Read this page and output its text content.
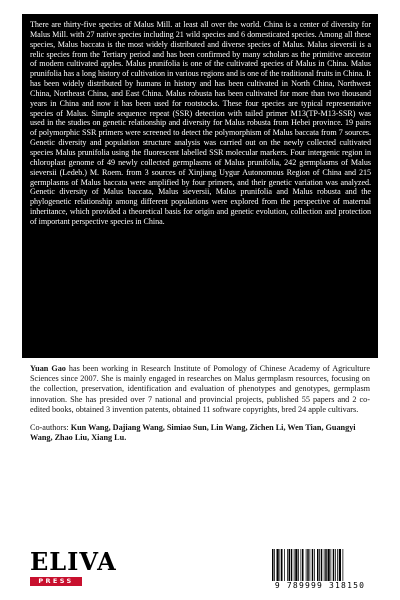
There are thirty-five species of Malus Mill. at least all over the world. China is a center of diversity for Malus Mill. with 27 native species including 21 wild species and 6 domesticated species. Among all these species, Malus baccata is the most widely distributed and diverse species of Malus. Malus sieversii is a relic species from the Tertiary period and has been confirmed by many scholars as the primitive ancestor of modern cultivated apples. Malus prunifolia is one of the cultivated species of Malus in China. Malus prunifolia has a long history of cultivation in various regions and is one of the traditional fruits in China. It has been widely distributed by humans in history and has been cultivated in North China, Northwest China, Northeast China, and East China. Malus robusta has been cultivated for more than two thousand years in China and now it has been used for rootstocks. These four species are typical representative species of Malus. Simple sequence repeat (SSR) detection with tailed primer M13(TP-M13-SSR) was used in the studies on genetic relationship and diversity for Malus robusta from Hebei province. 19 pairs of polymorphic SSR primers were screened to detect the polymorphism of Malus baccata from 7 sources. Genetic diversity and population structure analysis was carried out on the newly collected cultivated species Malus prunifolia using the fluorescent labelled SSR molecular markers. Four intergenic region in chloroplast genome of 49 newly collected germplasms of Malus prunifolia, 242 germplasms of Malus sieversii (Ledeb.) M. Roem. from 3 sources of Xinjiang Uygur Autonomous Region of China and 215 germplasms of Malus baccata were amplified by four primers, and their genetic variation was analyzed. Genetic diversity of Malus baccata, Malus sieversii, Malus prunifolia and Malus robusta and the phylogenetic relationship among different populations were explored from the perspective of maternal inheritance, which provided a theoretical basis for origin and genetic evolution, collection and protection of important perspective species in China.

Yuan Gao has been working in Research Institute of Pomology of Chinese Academy of Agriculture Sciences since 2007. She is mainly engaged in researches on Malus germplasm resources, focusing on the collection, preservation, identification and evaluation of phenotypes and genotypes, germplasm innovation. She has presided over 7 national and provincial projects, published 55 papers and 2 co-edited books, obtained 3 invention patents, obtained 11 software copyrights, bred 24 apple cultivars.

Co-authors: Kun Wang, Dajiang Wang, Simiao Sun, Lin Wang, Zichen Li, Wen Tian, Guangyi Wang, Zhao Liu, Xiang Lu.

ELIVA
PRESS	9 789999 318150
